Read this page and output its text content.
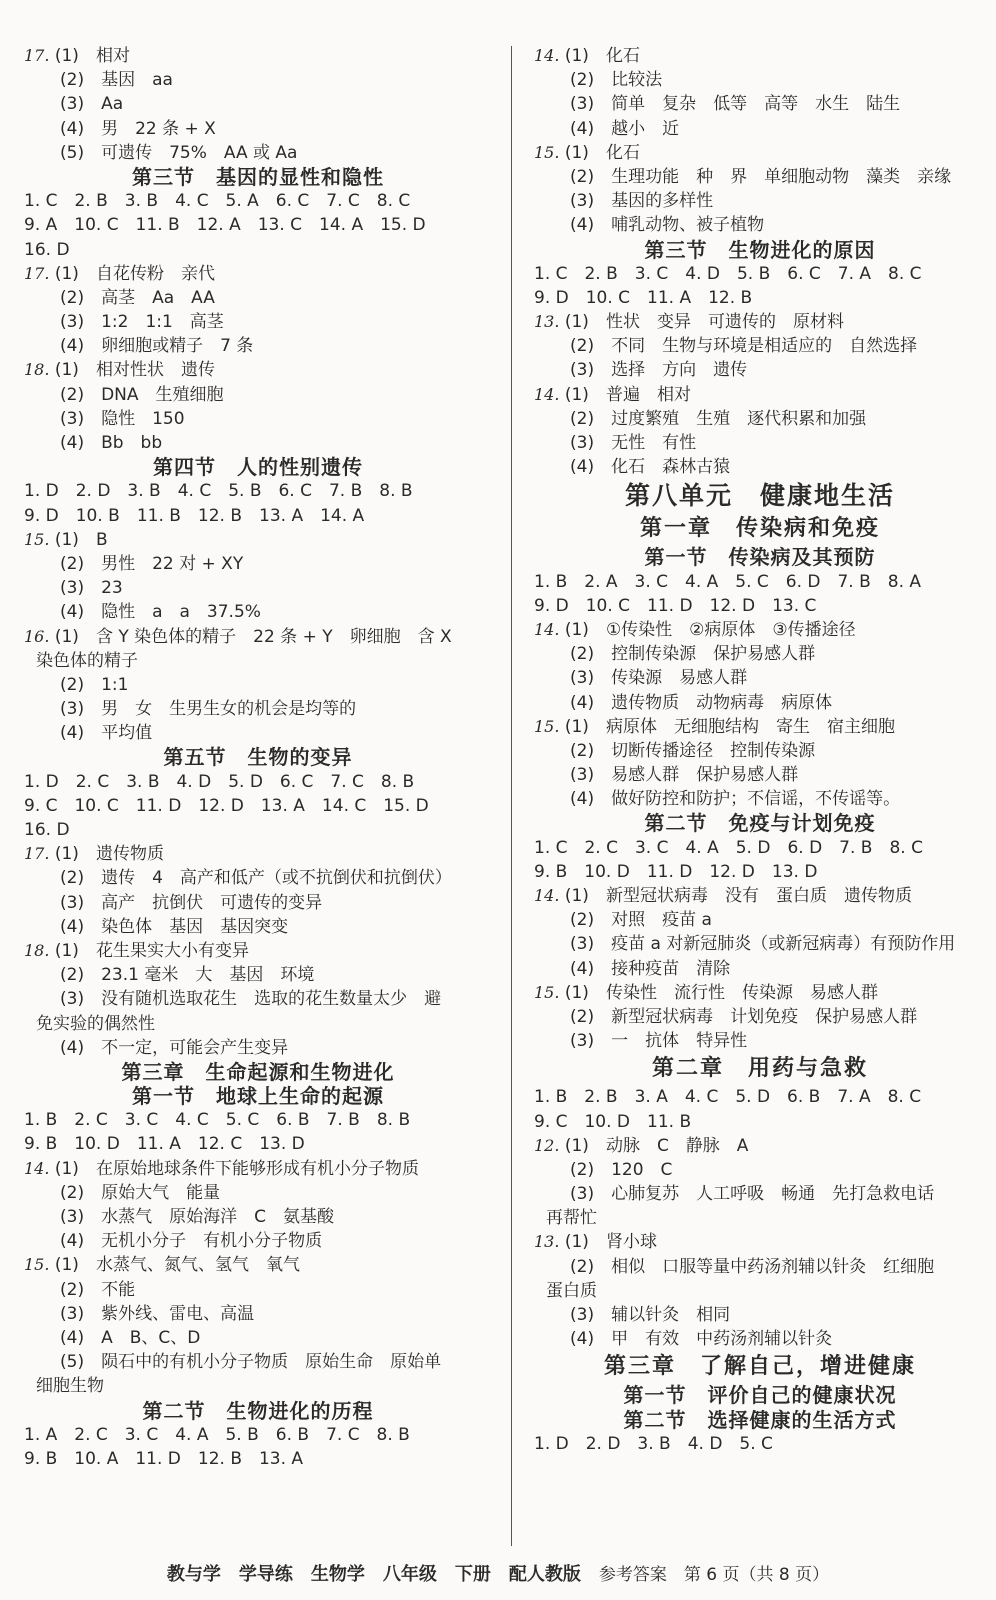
17. (1)　相对
(2)　基因　aa
(3)　Aa
(4)　男　22 条 + X
(5)　可遗传　75%　AA 或 Aa
第三节　基因的显性和隐性
1. C　2. B　3. B　4. C　5. A　6. C　7. C　8. C
9. A　10. C　11. B　12. A　13. C　14. A　15. D
16. D
17. (1)　自花传粉　亲代
(2)　高茎　Aa　AA
(3)　1:2　1:1　高茎
(4)　卵细胞或精子　7 条
18. (1)　相对性状　遗传
(2)　DNA　生殖细胞
(3)　隐性　150
(4)　Bb　bb
第四节　人的性别遗传
1. D　2. D　3. B　4. C　5. B　6. C　7. B　8. B
9. D　10. B　11. B　12. B　13. A　14. A
15. (1)　B
(2)　男性　22 对 + XY
(3)　23
(4)　隐性　a　a　37.5%
16. (1)　含 Y 染色体的精子　22 条 + Y　卵细胞　含 X
染色体的精子
(2)　1:1
(3)　男　女　生男生女的机会是均等的
(4)　平均值
第五节　生物的变异
1. D　2. C　3. B　4. D　5. D　6. C　7. C　8. B
9. C　10. C　11. D　12. D　13. A　14. C　15. D
16. D
17. (1)　遗传物质
(2)　遗传　4　高产和低产（或不抗倒伏和抗倒伏）
(3)　高产　抗倒伏　可遗传的变异
(4)　染色体　基因　基因突变
18. (1)　花生果实大小有变异
(2)　23.1 毫米　大　基因　环境
(3)　没有随机选取花生　选取的花生数量太少　避
免实验的偶然性
(4)　不一定，可能会产生变异
第三章　生命起源和生物进化
第一节　地球上生命的起源
1. B　2. C　3. C　4. C　5. C　6. B　7. B　8. B
9. B　10. D　11. A　12. C　13. D
14. (1)　在原始地球条件下能够形成有机小分子物质
(2)　原始大气　能量
(3)　水蒸气　原始海洋　C　氨基酸
(4)　无机小分子　有机小分子物质
15. (1)　水蒸气、氮气、氢气　氧气
(2)　不能
(3)　紫外线、雷电、高温
(4)　A　B、C、D
(5)　陨石中的有机小分子物质　原始生命　原始单
细胞生物
第二节　生物进化的历程
1. A　2. C　3. C　4. A　5. B　6. B　7. C　8. B
9. B　10. A　11. D　12. B　13. A
14. (1)　化石
(2)　比较法
(3)　简单　复杂　低等　高等　水生　陆生
(4)　越小　近
15. (1)　化石
(2)　生理功能　种　界　单细胞动物　藻类　亲缘
(3)　基因的多样性
(4)　哺乳动物、被子植物
第三节　生物进化的原因
1. C　2. B　3. C　4. D　5. B　6. C　7. A　8. C
9. D　10. C　11. A　12. B
13. (1)　性状　变异　可遗传的　原材料
(2)　不同　生物与环境是相适应的　自然选择
(3)　选择　方向　遗传
14. (1)　普遍　相对
(2)　过度繁殖　生殖　逐代积累和加强
(3)　无性　有性
(4)　化石　森林古猿
第八单元　健康地生活
第一章　传染病和免疫
第一节　传染病及其预防
1. B　2. A　3. C　4. A　5. C　6. D　7. B　8. A
9. D　10. C　11. D　12. D　13. C
14. (1)　①传染性　②病原体　③传播途径
(2)　控制传染源　保护易感人群
(3)　传染源　易感人群
(4)　遗传物质　动物病毒　病原体
15. (1)　病原体　无细胞结构　寄生　宿主细胞
(2)　切断传播途径　控制传染源
(3)　易感人群　保护易感人群
(4)　做好防控和防护；不信谣，不传谣等。
第二节　免疫与计划免疫
1. C　2. C　3. C　4. A　5. D　6. D　7. B　8. C
9. B　10. D　11. D　12. D　13. D
14. (1)　新型冠状病毒　没有　蛋白质　遗传物质
(2)　对照　疫苗 a
(3)　疫苗 a 对新冠肺炎（或新冠病毒）有预防作用
(4)　接种疫苗　清除
15. (1)　传染性　流行性　传染源　易感人群
(2)　新型冠状病毒　计划免疫　保护易感人群
(3)　一　抗体　特异性
第二章　用药与急救
1. B　2. B　3. A　4. C　5. D　6. B　7. A　8. C
9. C　10. D　11. B
12. (1)　动脉　C　静脉　A
(2)　120　C
(3)　心肺复苏　人工呼吸　畅通　先打急救电话
再帮忙
13. (1)　肾小球
(2)　相似　口服等量中药汤剂辅以针灸　红细胞
蛋白质
(3)　辅以针灸　相同
(4)　甲　有效　中药汤剂辅以针灸
第三章　了解自己，增进健康
第一节　评价自己的健康状况
第二节　选择健康的生活方式
1. D　2. D　3. B　4. D　5. C
教与学　学导练　生物学　八年级　下册　配人教版　 参考答案　第 6 页（共 8 页）
